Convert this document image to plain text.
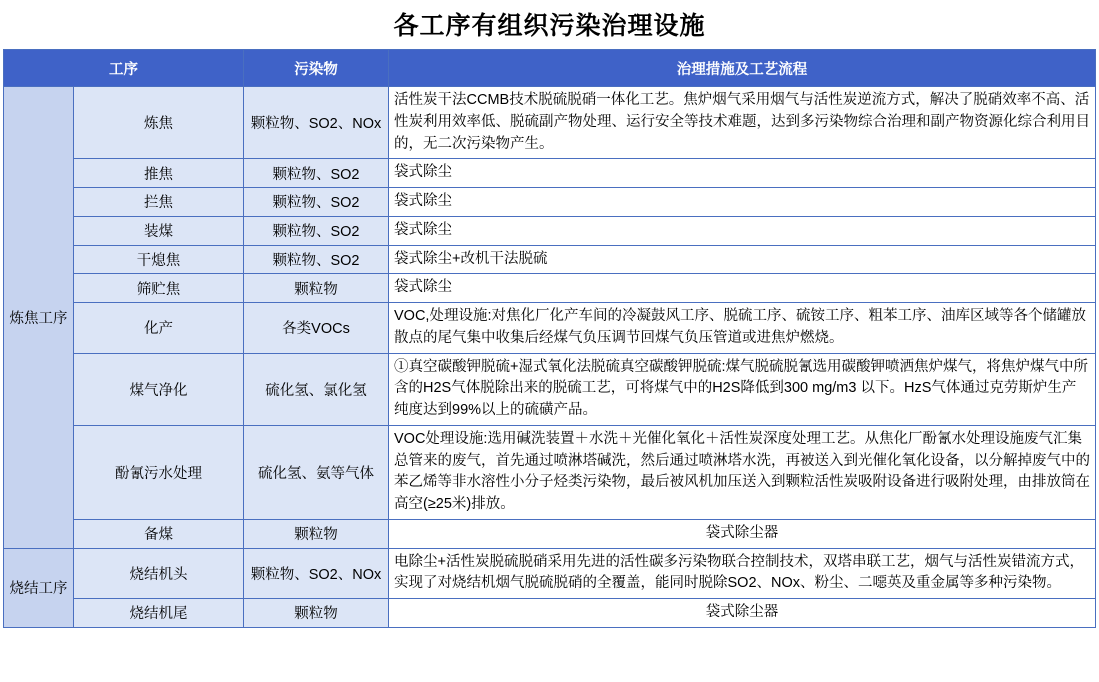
各工序有组织污染治理设施
工序		污染物	治理措施及工艺流程
炼焦工序	炼焦	颗粒物、SO2、NOx	活性炭干法CCMB技术脱硫脱硝一体化工艺。焦炉烟气采用烟气与活性炭逆流方式，解决了脱硝效率不高、活性炭利用效率低、脱硫副产物处理、运行安全等技术难题，达到多污染物综合治理和副产物资源化综合利用目的，无二次污染物产生。
	推焦	颗粒物、SO2	袋式除尘
	拦焦	颗粒物、SO2	袋式除尘
	装煤	颗粒物、SO2	袋式除尘
	干熄焦	颗粒物、SO2	袋式除尘+改机干法脱硫
	筛贮焦	颗粒物	袋式除尘
	化产	各类VOCs	VOC,处理设施:对焦化厂化产车间的冷凝鼓风工序、脱硫工序、硫铵工序、粗苯工序、油库区域等各个储罐放散点的尾气集中收集后经煤气负压调节回煤气负压管道或进焦炉燃烧。
	煤气净化	硫化氢、氯化氢	①真空碳酸钾脱硫+湿式氧化法脱硫真空碳酸钾脱硫:煤气脱硫脱氰选用碳酸钾喷洒焦炉煤气，将焦炉煤气中所含的H2S气体脱除出来的脱硫工艺，可将煤气中的H2S降低到300 mg/m3 以下。HzS气体通过克劳斯炉生产纯度达到99%以上的硫磺产品。
	酚氰污水处理	硫化氢、氨等气体	VOC处理设施:选用碱洗装置＋水洗＋光催化氧化＋活性炭深度处理工艺。从焦化厂酚氰水处理设施废气汇集总管来的废气，首先通过喷淋塔碱洗，然后通过喷淋塔水洗，再被送入到光催化氧化设备，以分解掉废气中的苯乙烯等非水溶性小分子烃类污染物，最后被风机加压送入到颗粒活性炭吸附设备进行吸附处理，由排放筒在高空(≥25米)排放。
	备煤	颗粒物	袋式除尘器
烧结工序	烧结机头	颗粒物、SO2、NOx	电除尘+活性炭脱硫脱硝采用先进的活性碳多污染物联合控制技术，双塔串联工艺，烟气与活性炭错流方式，实现了对烧结机烟气脱硫脱硝的全覆盖，能同时脱除SO2、NOx、粉尘、二噁英及重金属等多种污染物。
	烧结机尾	颗粒物	袋式除尘器
